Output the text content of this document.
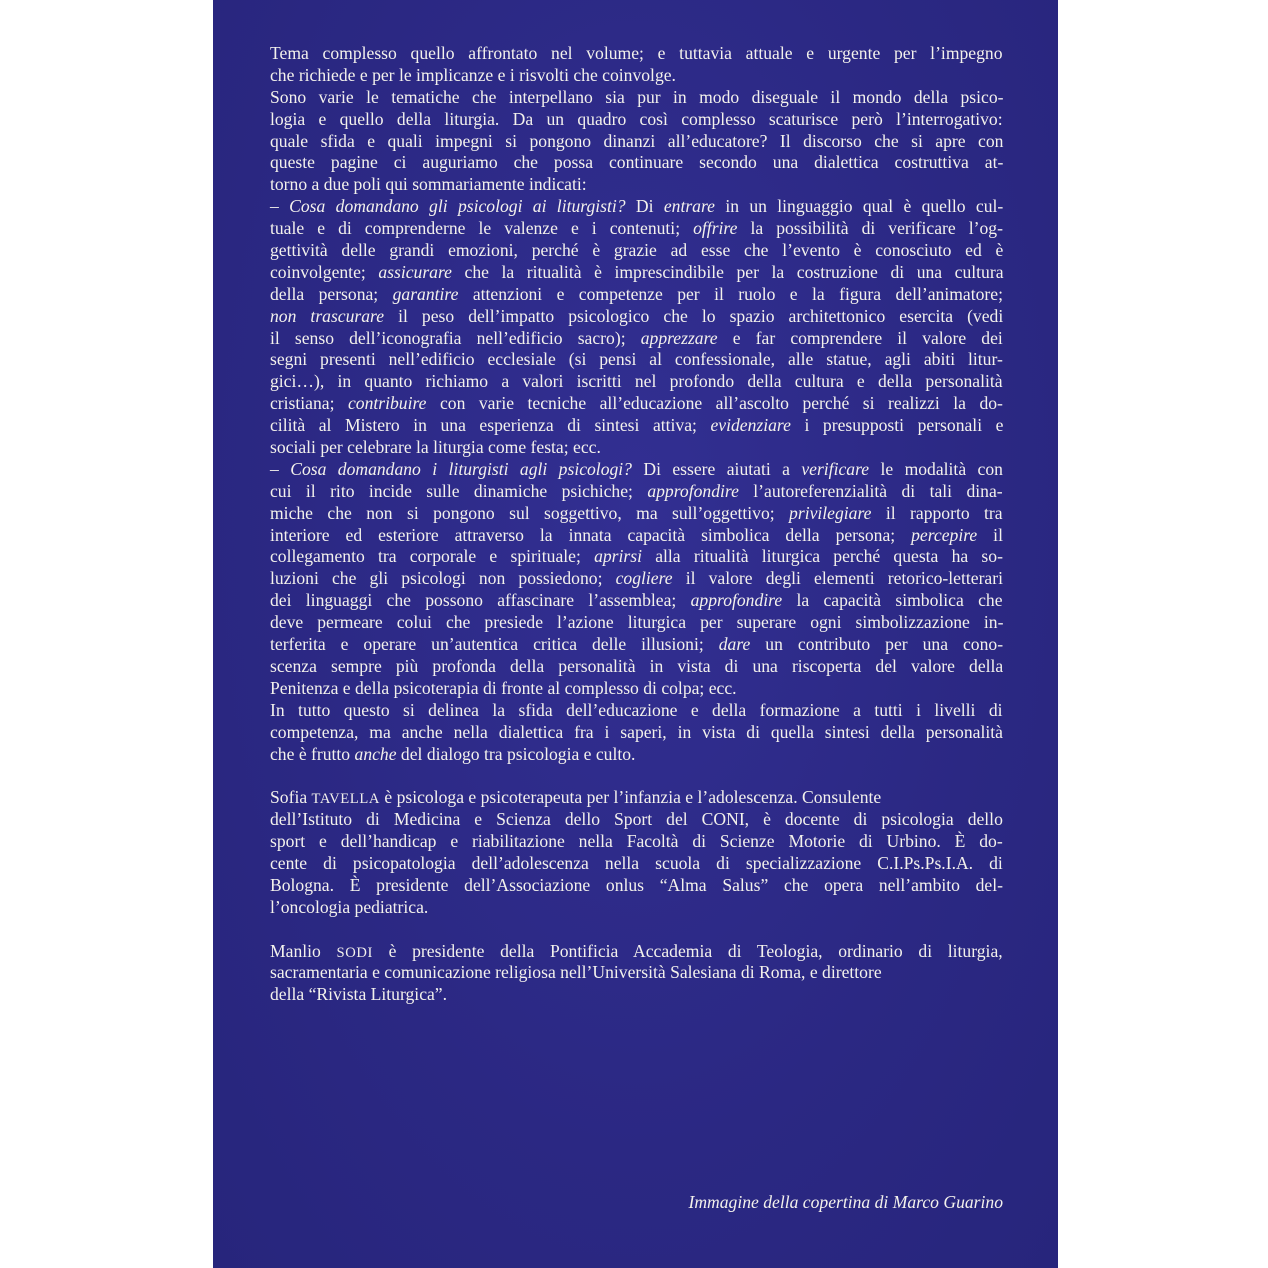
Tema complesso quello affrontato nel volume; e tuttavia attuale e urgente per l’impegno
che richiede e per le implicanze e i risvolti che coinvolge.
Sono varie le tematiche che interpellano sia pur in modo diseguale il mondo della psico-
logia e quello della liturgia. Da un quadro così complesso scaturisce però l’interrogativo:
quale sfida e quali impegni si pongono dinanzi all’educatore? Il discorso che si apre con
queste pagine ci auguriamo che possa continuare secondo una dialettica costruttiva at-
torno a due poli qui sommariamente indicati:
– Cosa domandano gli psicologi ai liturgisti? Di entrare in un linguaggio qual è quello cul-
tuale e di comprenderne le valenze e i contenuti; offrire la possibilità di verificare l’og-
gettività delle grandi emozioni, perché è grazie ad esse che l’evento è conosciuto ed è
coinvolgente; assicurare che la ritualità è imprescindibile per la costruzione di una cultura
della persona; garantire attenzioni e competenze per il ruolo e la figura dell’animatore;
non trascurare il peso dell’impatto psicologico che lo spazio architettonico esercita (vedi
il senso dell’iconografia nell’edificio sacro); apprezzare e far comprendere il valore dei
segni presenti nell’edificio ecclesiale (si pensi al confessionale, alle statue, agli abiti litur-
gici…), in quanto richiamo a valori iscritti nel profondo della cultura e della personalità
cristiana; contribuire con varie tecniche all’educazione all’ascolto perché si realizzi la do-
cilità al Mistero in una esperienza di sintesi attiva; evidenziare i presupposti personali e
sociali per celebrare la liturgia come festa; ecc.
– Cosa domandano i liturgisti agli psicologi? Di essere aiutati a verificare le modalità con
cui il rito incide sulle dinamiche psichiche; approfondire l’autoreferenzialità di tali dina-
miche che non si pongono sul soggettivo, ma sull’oggettivo; privilegiare il rapporto tra
interiore ed esteriore attraverso la innata capacità simbolica della persona; percepire il
collegamento tra corporale e spirituale; aprirsi alla ritualità liturgica perché questa ha so-
luzioni che gli psicologi non possiedono; cogliere il valore degli elementi retorico-letterari
dei linguaggi che possono affascinare l’assemblea; approfondire la capacità simbolica che
deve permeare colui che presiede l’azione liturgica per superare ogni simbolizzazione in-
terferita e operare un’autentica critica delle illusioni; dare un contributo per una cono-
scenza sempre più profonda della personalità in vista di una riscoperta del valore della
Penitenza e della psicoterapia di fronte al complesso di colpa; ecc.
In tutto questo si delinea la sfida dell’educazione e della formazione a tutti i livelli di
competenza, ma anche nella dialettica fra i saperi, in vista di quella sintesi della personalità
che è frutto anche del dialogo tra psicologia e culto.
Sofia TAVELLA è psicologa e psicoterapeuta per l’infanzia e l’adolescenza. Consulente
dell’Istituto di Medicina e Scienza dello Sport del CONI, è docente di psicologia dello
sport e dell’handicap e riabilitazione nella Facoltà di Scienze Motorie di Urbino. È do-
cente di psicopatologia dell’adolescenza nella scuola di specializzazione C.I.Ps.Ps.I.A. di
Bologna. È presidente dell’Associazione onlus “Alma Salus” che opera nell’ambito del-
l’oncologia pediatrica.
Manlio SODI è presidente della Pontificia Accademia di Teologia, ordinario di liturgia,
sacramentaria e comunicazione religiosa nell’Università Salesiana di Roma, e direttore
della “Rivista Liturgica”.
Immagine della copertina di Marco Guarino
